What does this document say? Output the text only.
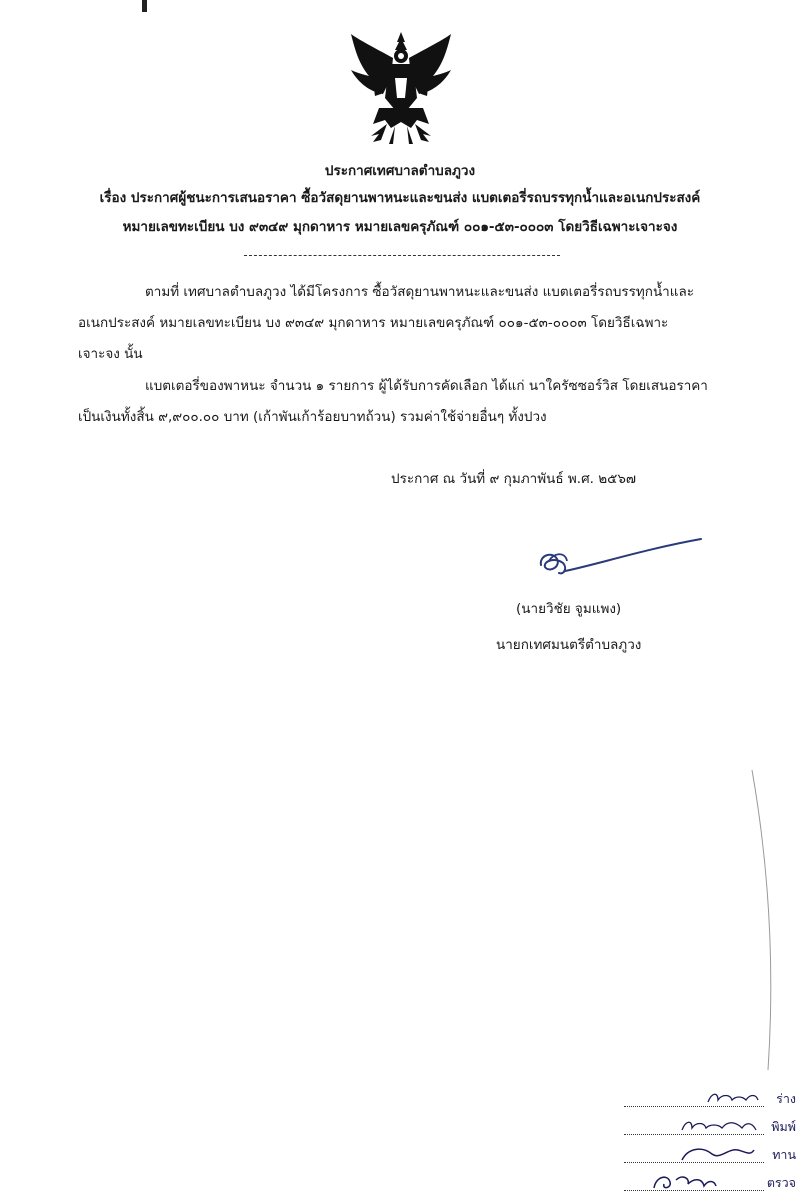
ประกาศเทศบาลตำบลภูวง
เรื่อง ประกาศผู้ชนะการเสนอราคา ซื้อวัสดุยานพาหนะและขนส่ง แบตเตอรี่รถบรรทุกน้ำและอเนกประสงค์
หมายเลขทะเบียน บง ๙๓๔๙ มุกดาหาร หมายเลขครุภัณฑ์ ๐๐๑-๕๓-๐๐๐๓ โดยวิธีเฉพาะเจาะจง
ตามที่ เทศบาลตำบลภูวง ได้มีโครงการ ซื้อวัสดุยานพาหนะและขนส่ง แบตเตอรี่รถบรรทุกน้ำและ
อเนกประสงค์ หมายเลขทะเบียน บง ๙๓๔๙ มุกดาหาร หมายเลขครุภัณฑ์ ๐๐๑-๕๓-๐๐๐๓ โดยวิธีเฉพาะ
เจาะจง นั้น
แบตเตอรี่ของพาหนะ จำนวน ๑ รายการ ผู้ได้รับการคัดเลือก ได้แก่ นาใครัซซอร์วิส โดยเสนอราคา
เป็นเงินทั้งสิ้น ๙,๙๐๐.๐๐ บาท (เก้าพันเก้าร้อยบาทถ้วน) รวมค่าใช้จ่ายอื่นๆ ทั้งปวง
ประกาศ ณ วันที่ ๙ กุมภาพันธ์ พ.ศ. ๒๕๖๗
(นายวิชัย จูมแพง)
นายกเทศมนตรีตำบลภูวง
ร่าง
พิมพ์
ทาน
ตรวจ
